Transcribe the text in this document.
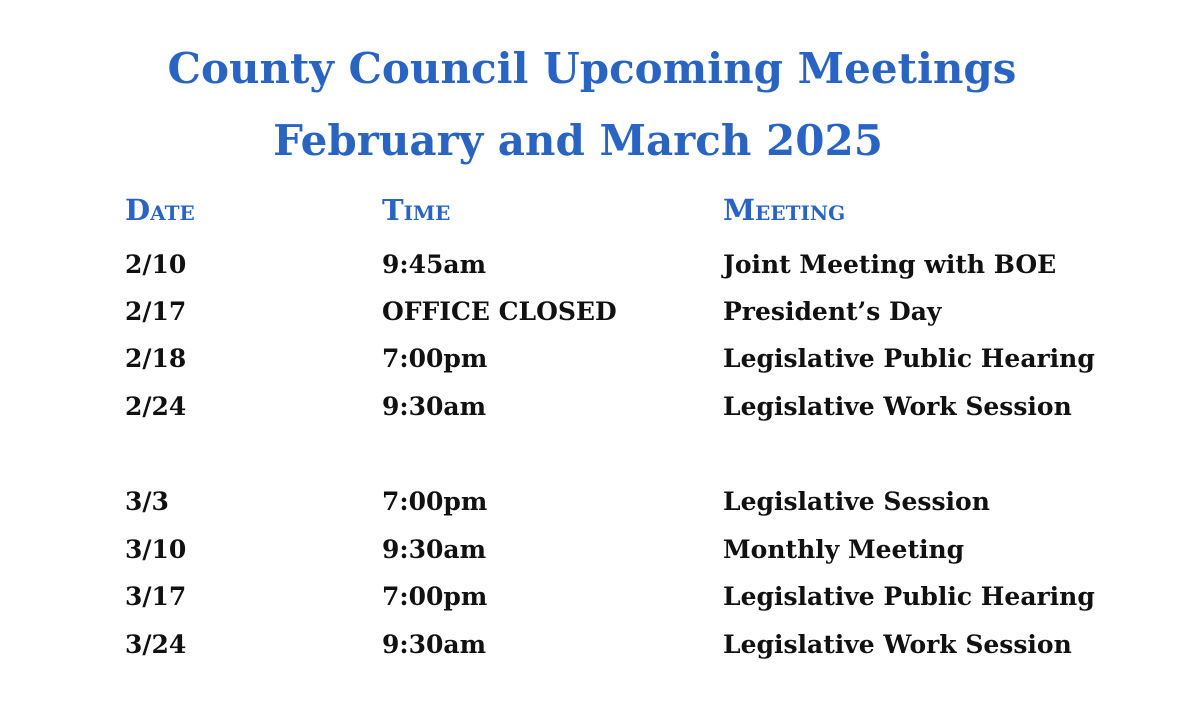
County Council Upcoming Meetings
February and March 2025
Date	Time	Meeting
2/10	9:45am	Joint Meeting with BOE
2/17	OFFICE CLOSED	President’s Day
2/18	7:00pm	Legislative Public Hearing
2/24	9:30am	Legislative Work Session
3/3	7:00pm	Legislative Session
3/10	9:30am	Monthly Meeting
3/17	7:00pm	Legislative Public Hearing
3/24	9:30am	Legislative Work Session
